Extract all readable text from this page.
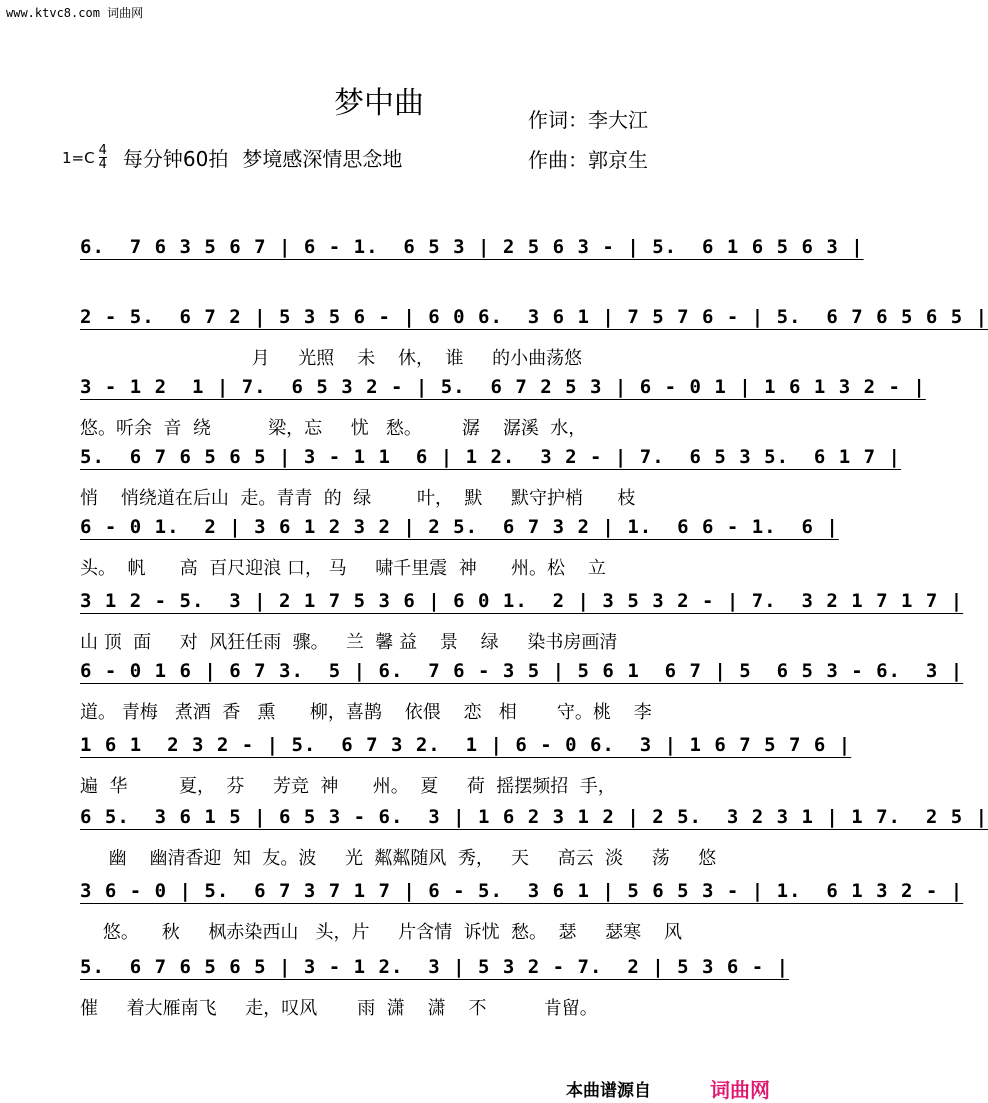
www.ktvc8.com 词曲网
梦中曲	作词：李大江
作曲：郭京生
$1=C \frac{4}{4}$ 每分钟60拍 梦境感深情思念地
6.  7 6 3 5 6 7 | 6 - 1.  6 5 3 | 2 5 6 3 - | 5.  6 1 6 5 6 3 |
2 - 5.  6 7 2 | 5 3 5 6 - | 6 0 6.  3 6 1 | 7 5 7 6 - | 5.  6 7 6 5 6 5 |
月     光照    未    休，  谁     的小曲荡悠
3 - 1 2  1 | 7.  6 5 3 2 - | 5.  6 7 2 5 3 | 6 - 0 1 | 1 6 1 3 2 - |
悠。听余  音  绕          梁，忘     忧   愁。       潺    潺溪  水，
5.  6 7 6 5 6 5 | 3 - 1 1  6 | 1 2.  3 2 - | 7.  6 5 3 5.  6 1 7 |
悄    悄绕道在后山  走。青青  的  绿        叶，  默     默守护梢      枝
6 - 0 1.  2 | 3 6 1 2 3 2 | 2 5.  6 7 3 2 | 1.  6 6 - 1.  6 |
头。  帆      高  百尺迎浪 口， 马     啸千里震  神      州。松    立
3 1 2 - 5.  3 | 2 1 7 5 3 6 | 6 0 1.  2 | 3 5 3 2 - | 7.  3 2 1 7 1 7 |
山 顶  面     对  风狂任雨  骤。   兰  馨 益    景    绿     染书房画清
6 - 0 1 6 | 6 7 3.  5 | 6.  7 6 - 3 5 | 5 6 1  6 7 | 5  6 5 3 - 6.  3 |
道。 青梅   煮酒  香   熏      柳，喜鹊    依偎    恋   相       守。桃    李
1 6 1  2 3 2 - | 5.  6 7 3 2.  1 | 6 - 0 6.  3 | 1 6 7 5 7 6 |
遍  华         夏，  芬     芳竞  神      州。  夏     荷  摇摆频招  手，
6 5.  3 6 1 5 | 6 5 3 - 6.  3 | 1 6 2 3 1 2 | 2 5.  3 2 3 1 | 1 7.  2 5 |
幽    幽清香迎  知  友。波     光  粼粼随风  秀，   天     高云  淡     荡     悠
3 6 - 0 | 5.  6 7 3 7 1 7 | 6 - 5.  3 6 1 | 5 6 5 3 - | 1.  6 1 3 2 - |
悠。    秋     枫赤染西山   头，片     片含情  诉忧  愁。  瑟     瑟寒    风
5.  6 7 6 5 6 5 | 3 - 1 2.  3 | 5 3 2 - 7.  2 | 5 3 6 - |
催     着大雁南飞     走，叹风       雨  潇    潇    不          肯留。
本曲谱源自	词曲网
